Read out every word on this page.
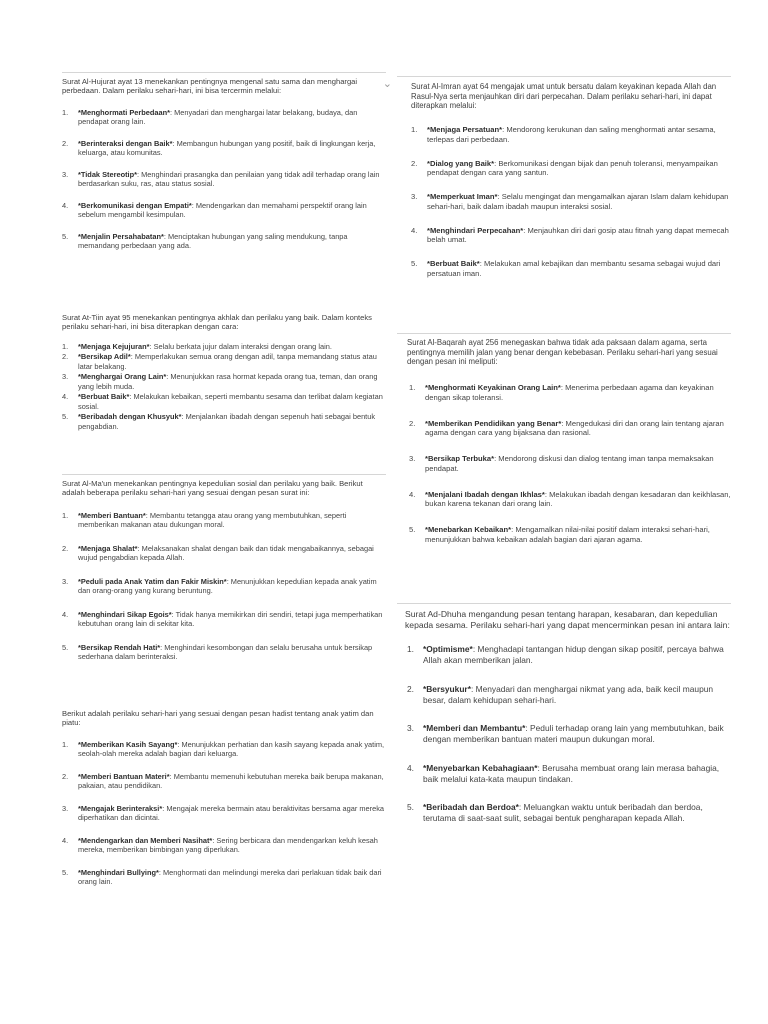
⌄

Surat Al-Hujurat ayat 13 menekankan pentingnya mengenal satu sama dan menghargai perbedaan. Dalam perilaku sehari-hari, ini bisa tercermin melalui:

1.	*Menghormati Perbedaan*: Menyadari dan menghargai latar belakang, budaya, dan pendapat orang lain.
2.	*Berinteraksi dengan Baik*: Membangun hubungan yang positif, baik di lingkungan kerja, keluarga, atau komunitas.
3.	*Tidak Stereotip*: Menghindari prasangka dan penilaian yang tidak adil terhadap orang lain berdasarkan suku, ras, atau status sosial.
4.	*Berkomunikasi dengan Empati*: Mendengarkan dan memahami perspektif orang lain sebelum mengambil kesimpulan.
5.	*Menjalin Persahabatan*: Menciptakan hubungan yang saling mendukung, tanpa memandang perbedaan yang ada.

Surat At-Tiin ayat 95 menekankan pentingnya akhlak dan perilaku yang baik. Dalam konteks perilaku sehari-hari, ini bisa diterapkan dengan cara:

1.	*Menjaga Kejujuran*: Selalu berkata jujur dalam interaksi dengan orang lain.
2.	*Bersikap Adil*: Memperlakukan semua orang dengan adil, tanpa memandang status atau latar belakang.
3.	*Menghargai Orang Lain*: Menunjukkan rasa hormat kepada orang tua, teman, dan orang yang lebih muda.
4.	*Berbuat Baik*: Melakukan kebaikan, seperti membantu sesama dan terlibat dalam kegiatan sosial.
5.	*Beribadah dengan Khusyuk*: Menjalankan ibadah dengan sepenuh hati sebagai bentuk pengabdian.

Surat Al-Ma'un menekankan pentingnya kepedulian sosial dan perilaku yang baik. Berikut adalah beberapa perilaku sehari-hari yang sesuai dengan pesan surat ini:

1.	*Memberi Bantuan*: Membantu tetangga atau orang yang membutuhkan, seperti memberikan makanan atau dukungan moral.
2.	*Menjaga Shalat*: Melaksanakan shalat dengan baik dan tidak mengabaikannya, sebagai wujud pengabdian kepada Allah.
3.	*Peduli pada Anak Yatim dan Fakir Miskin*: Menunjukkan kepedulian kepada anak yatim dan orang-orang yang kurang beruntung.
4.	*Menghindari Sikap Egois*: Tidak hanya memikirkan diri sendiri, tetapi juga memperhatikan kebutuhan orang lain di sekitar kita.
5.	*Bersikap Rendah Hati*: Menghindari kesombongan dan selalu berusaha untuk bersikap sederhana dalam berinteraksi.

Berikut adalah perilaku sehari-hari yang sesuai dengan pesan hadist tentang anak yatim dan piatu:

1.	*Memberikan Kasih Sayang*: Menunjukkan perhatian dan kasih sayang kepada anak yatim, seolah-olah mereka adalah bagian dari keluarga.
2.	*Memberi Bantuan Materi*: Membantu memenuhi kebutuhan mereka baik berupa makanan, pakaian, atau pendidikan.
3.	*Mengajak Berinteraksi*: Mengajak mereka bermain atau beraktivitas bersama agar mereka diperhatikan dan dicintai.
4.	*Mendengarkan dan Memberi Nasihat*: Sering berbicara dan mendengarkan keluh kesah mereka, memberikan bimbingan yang diperlukan.
5.	*Menghindari Bullying*: Menghormati dan melindungi mereka dari perlakuan tidak baik dari orang lain.

Surat Al-Imran ayat 64 mengajak umat untuk bersatu dalam keyakinan kepada Allah dan Rasul-Nya serta menjauhkan diri dari perpecahan. Dalam perilaku sehari-hari, ini dapat diterapkan melalui:

1.	*Menjaga Persatuan*: Mendorong kerukunan dan saling menghormati antar sesama, terlepas dari perbedaan.
2.	*Dialog yang Baik*: Berkomunikasi dengan bijak dan penuh toleransi, menyampaikan pendapat dengan cara yang santun.
3.	*Memperkuat Iman*: Selalu mengingat dan mengamalkan ajaran Islam dalam kehidupan sehari-hari, baik dalam ibadah maupun interaksi sosial.
4.	*Menghindari Perpecahan*: Menjauhkan diri dari gosip atau fitnah yang dapat memecah belah umat.
5.	*Berbuat Baik*: Melakukan amal kebajikan dan membantu sesama sebagai wujud dari persatuan iman.

Surat Al-Baqarah ayat 256 menegaskan bahwa tidak ada paksaan dalam agama, serta pentingnya memilih jalan yang benar dengan kebebasan. Perilaku sehari-hari yang sesuai dengan pesan ini meliputi:

1.	*Menghormati Keyakinan Orang Lain*: Menerima perbedaan agama dan keyakinan dengan sikap toleransi.
2.	*Memberikan Pendidikan yang Benar*: Mengedukasi diri dan orang lain tentang ajaran agama dengan cara yang bijaksana dan rasional.
3.	*Bersikap Terbuka*: Mendorong diskusi dan dialog tentang iman tanpa memaksakan pendapat.
4.	*Menjalani Ibadah dengan Ikhlas*: Melakukan ibadah dengan kesadaran dan keikhlasan, bukan karena tekanan dari orang lain.
5.	*Menebarkan Kebaikan*: Mengamalkan nilai-nilai positif dalam interaksi sehari-hari, menunjukkan bahwa kebaikan adalah bagian dari ajaran agama.

Surat Ad-Dhuha mengandung pesan tentang harapan, kesabaran, dan kepedulian kepada sesama. Perilaku sehari-hari yang dapat mencerminkan pesan ini antara lain:

1.	*Optimisme*: Menghadapi tantangan hidup dengan sikap positif, percaya bahwa Allah akan memberikan jalan.
2.	*Bersyukur*: Menyadari dan menghargai nikmat yang ada, baik kecil maupun besar, dalam kehidupan sehari-hari.
3.	*Memberi dan Membantu*: Peduli terhadap orang lain yang membutuhkan, baik dengan memberikan bantuan materi maupun dukungan moral.
4.	*Menyebarkan Kebahagiaan*: Berusaha membuat orang lain merasa bahagia, baik melalui kata-kata maupun tindakan.
5.	*Beribadah dan Berdoa*: Meluangkan waktu untuk beribadah dan berdoa, terutama di saat-saat sulit, sebagai bentuk pengharapan kepada Allah.
